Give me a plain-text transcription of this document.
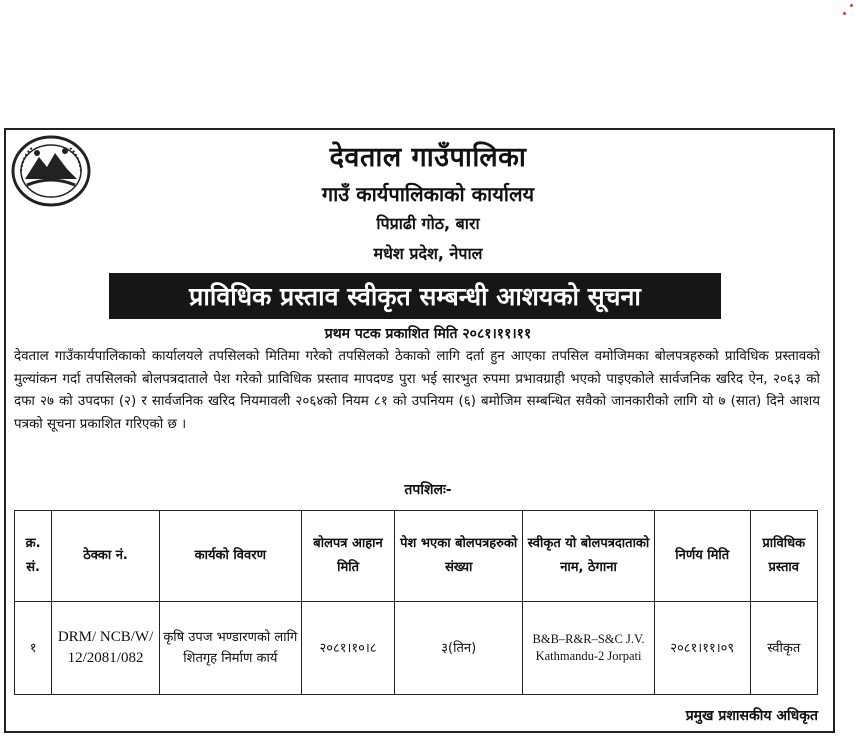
देवताल गाउँपालिका
गाउँ कार्यपालिकाको कार्यालय
पिप्राढी गोठ, बारा
मधेश प्रदेश, नेपाल
प्राविधिक प्रस्ताव स्वीकृत सम्बन्धी आशयको सूचना
प्रथम पटक प्रकाशित मिति २०८१।११।११
देवताल गाउँकार्यपालिकाको कार्यालयले तपसिलको मितिमा गरेको तपसिलको ठेकाको लागि दर्ता हुन आएका तपसिल वमोजिमका बोलपत्रहरुको प्राविधिक प्रस्तावको मुल्यांकन गर्दा तपसिलको बोलपत्रदाताले पेश गरेको प्राविधिक प्रस्ताव मापदण्ड पुरा भई सारभुत रुपमा प्रभावग्राही भएको पाइएकोले सार्वजनिक खरिद ऐन, २०६३ को दफा २७ को उपदफा (२) र सार्वजनिक खरिद नियमावली २०६४को नियम ८१ को उपनियम (६) बमोजिम सम्बन्धित सवैको जानकारीको लागि यो ७ (सात) दिने आशय पत्रको सूचना प्रकाशित गरिएको छ ।
तपशिलः-
क्र. सं.	ठेक्का नं.	कार्यको विवरण	बोलपत्र आहान मिति	पेश भएका बोलपत्रहरुको संख्या	स्वीकृत यो बोलपत्रदाताको नाम, ठेगाना	निर्णय मिति	प्राविधिक प्रस्ताव
१	DRM/ NCB/W/ 12/2081/082	कृषि उपज भण्डारणको लागि शितगृह निर्माण कार्य	२०८१।१०।८	३(तिन)	B&B–R&R–S&C J.V. Kathmandu-2 Jorpati	२०८१।११।०९	स्वीकृत
प्रमुख प्रशासकीय अधिकृत
